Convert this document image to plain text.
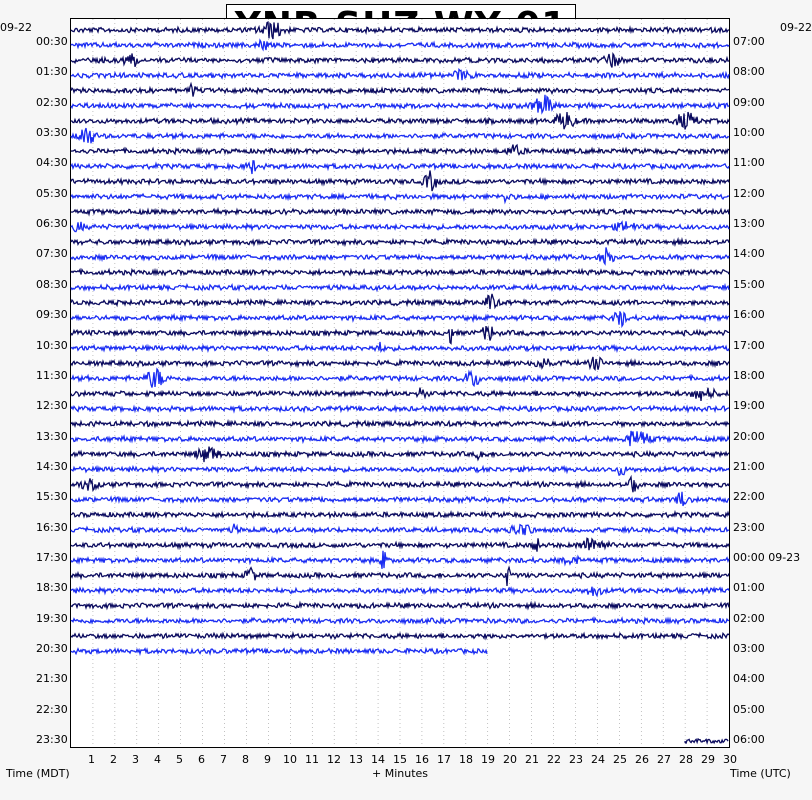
09-22	09-22
00:30
01:30
02:30
03:30
04:30
05:30
06:30
07:30
08:30
09:30
10:30
11:30
12:30
13:30
14:30
15:30
16:30
17:30
18:30
19:30
20:30
21:30
22:30
23:30
07:00
08:00
09:00
10:00
11:00
12:00
13:00
14:00
15:00
16:00
17:00
18:00
19:00
20:00
21:00
22:00
23:00
00:00 09-23
01:00
02:00
03:00
04:00
05:00
06:00
1 2 3 4 5 6 7 8 9 10 11 12 13 14 15 16 17 18 19 20 21 22 23 24 25 26 27 28 29 30
Time (MDT)	+ Minutes	Time (UTC)
